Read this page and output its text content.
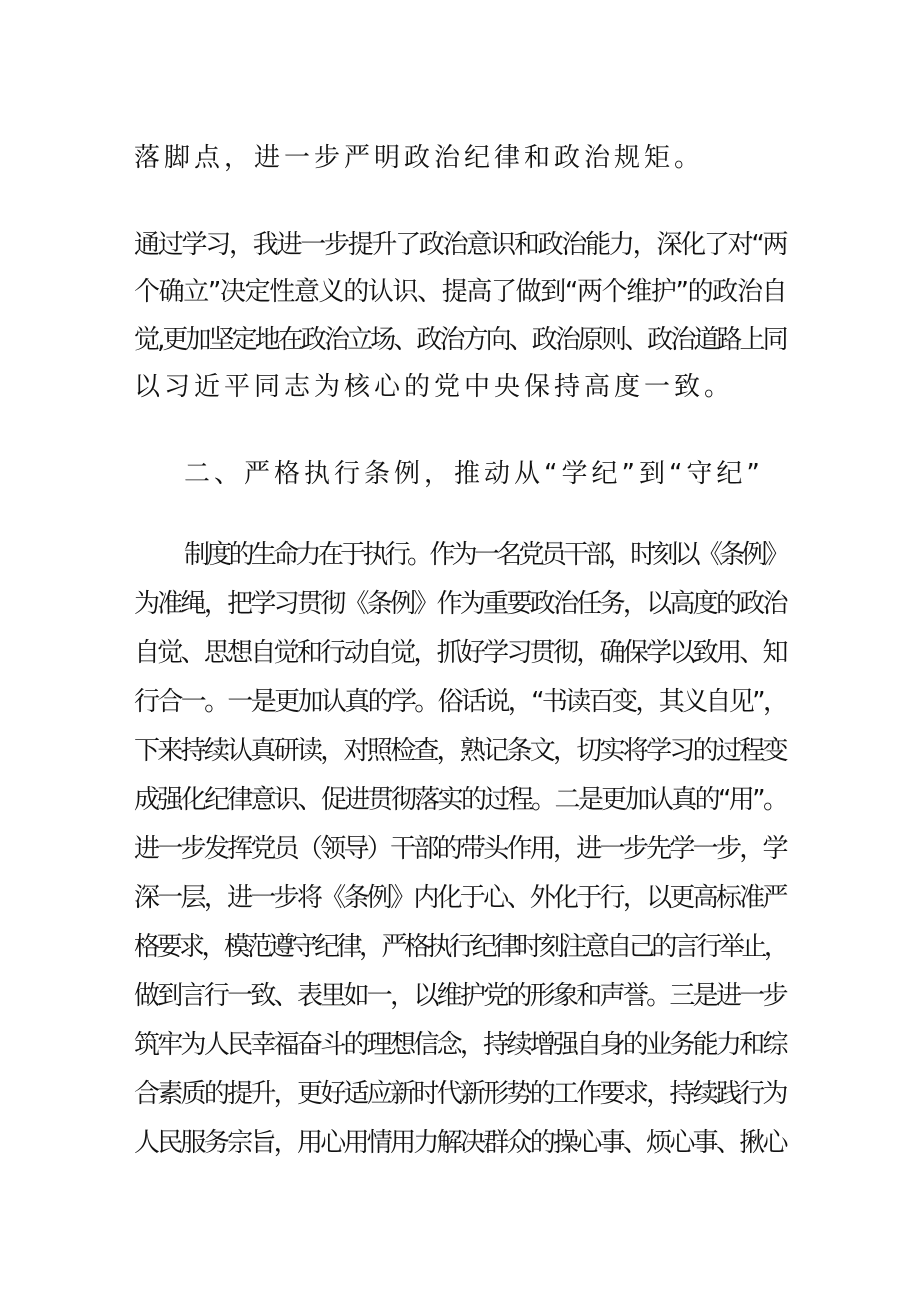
落脚点，进一步严明政治纪律和政治规矩。
通过学习，我进一步提升了政治意识和政治能力，深化了对“两
个确立”决定性意义的认识、提高了做到“两个维护”的政治自
觉,更加坚定地在政治立场、政治方向、政治原则、政治道路上同
以习近平同志为核心的党中央保持高度一致。
二、严格执行条例，推动从“学纪”到“守纪”
制度的生命力在于执行。作为一名党员干部，时刻以《条例》
为准绳，把学习贯彻《条例》作为重要政治任务，以高度的政治
自觉、思想自觉和行动自觉，抓好学习贯彻，确保学以致用、知
行合一。一是更加认真的学。俗话说，“书读百变，其义自见”，
下来持续认真研读，对照检查，熟记条文，切实将学习的过程变
成强化纪律意识、促进贯彻落实的过程。二是更加认真的“用”。
进一步发挥党员（领导）干部的带头作用，进一步先学一步，学
深一层，进一步将《条例》内化于心、外化于行，以更高标准严
格要求，模范遵守纪律，严格执行纪律时刻注意自己的言行举止，
做到言行一致、表里如一，以维护党的形象和声誉。三是进一步
筑牢为人民幸福奋斗的理想信念，持续增强自身的业务能力和综
合素质的提升，更好适应新时代新形势的工作要求，持续践行为
人民服务宗旨，用心用情用力解决群众的操心事、烦心事、揪心
